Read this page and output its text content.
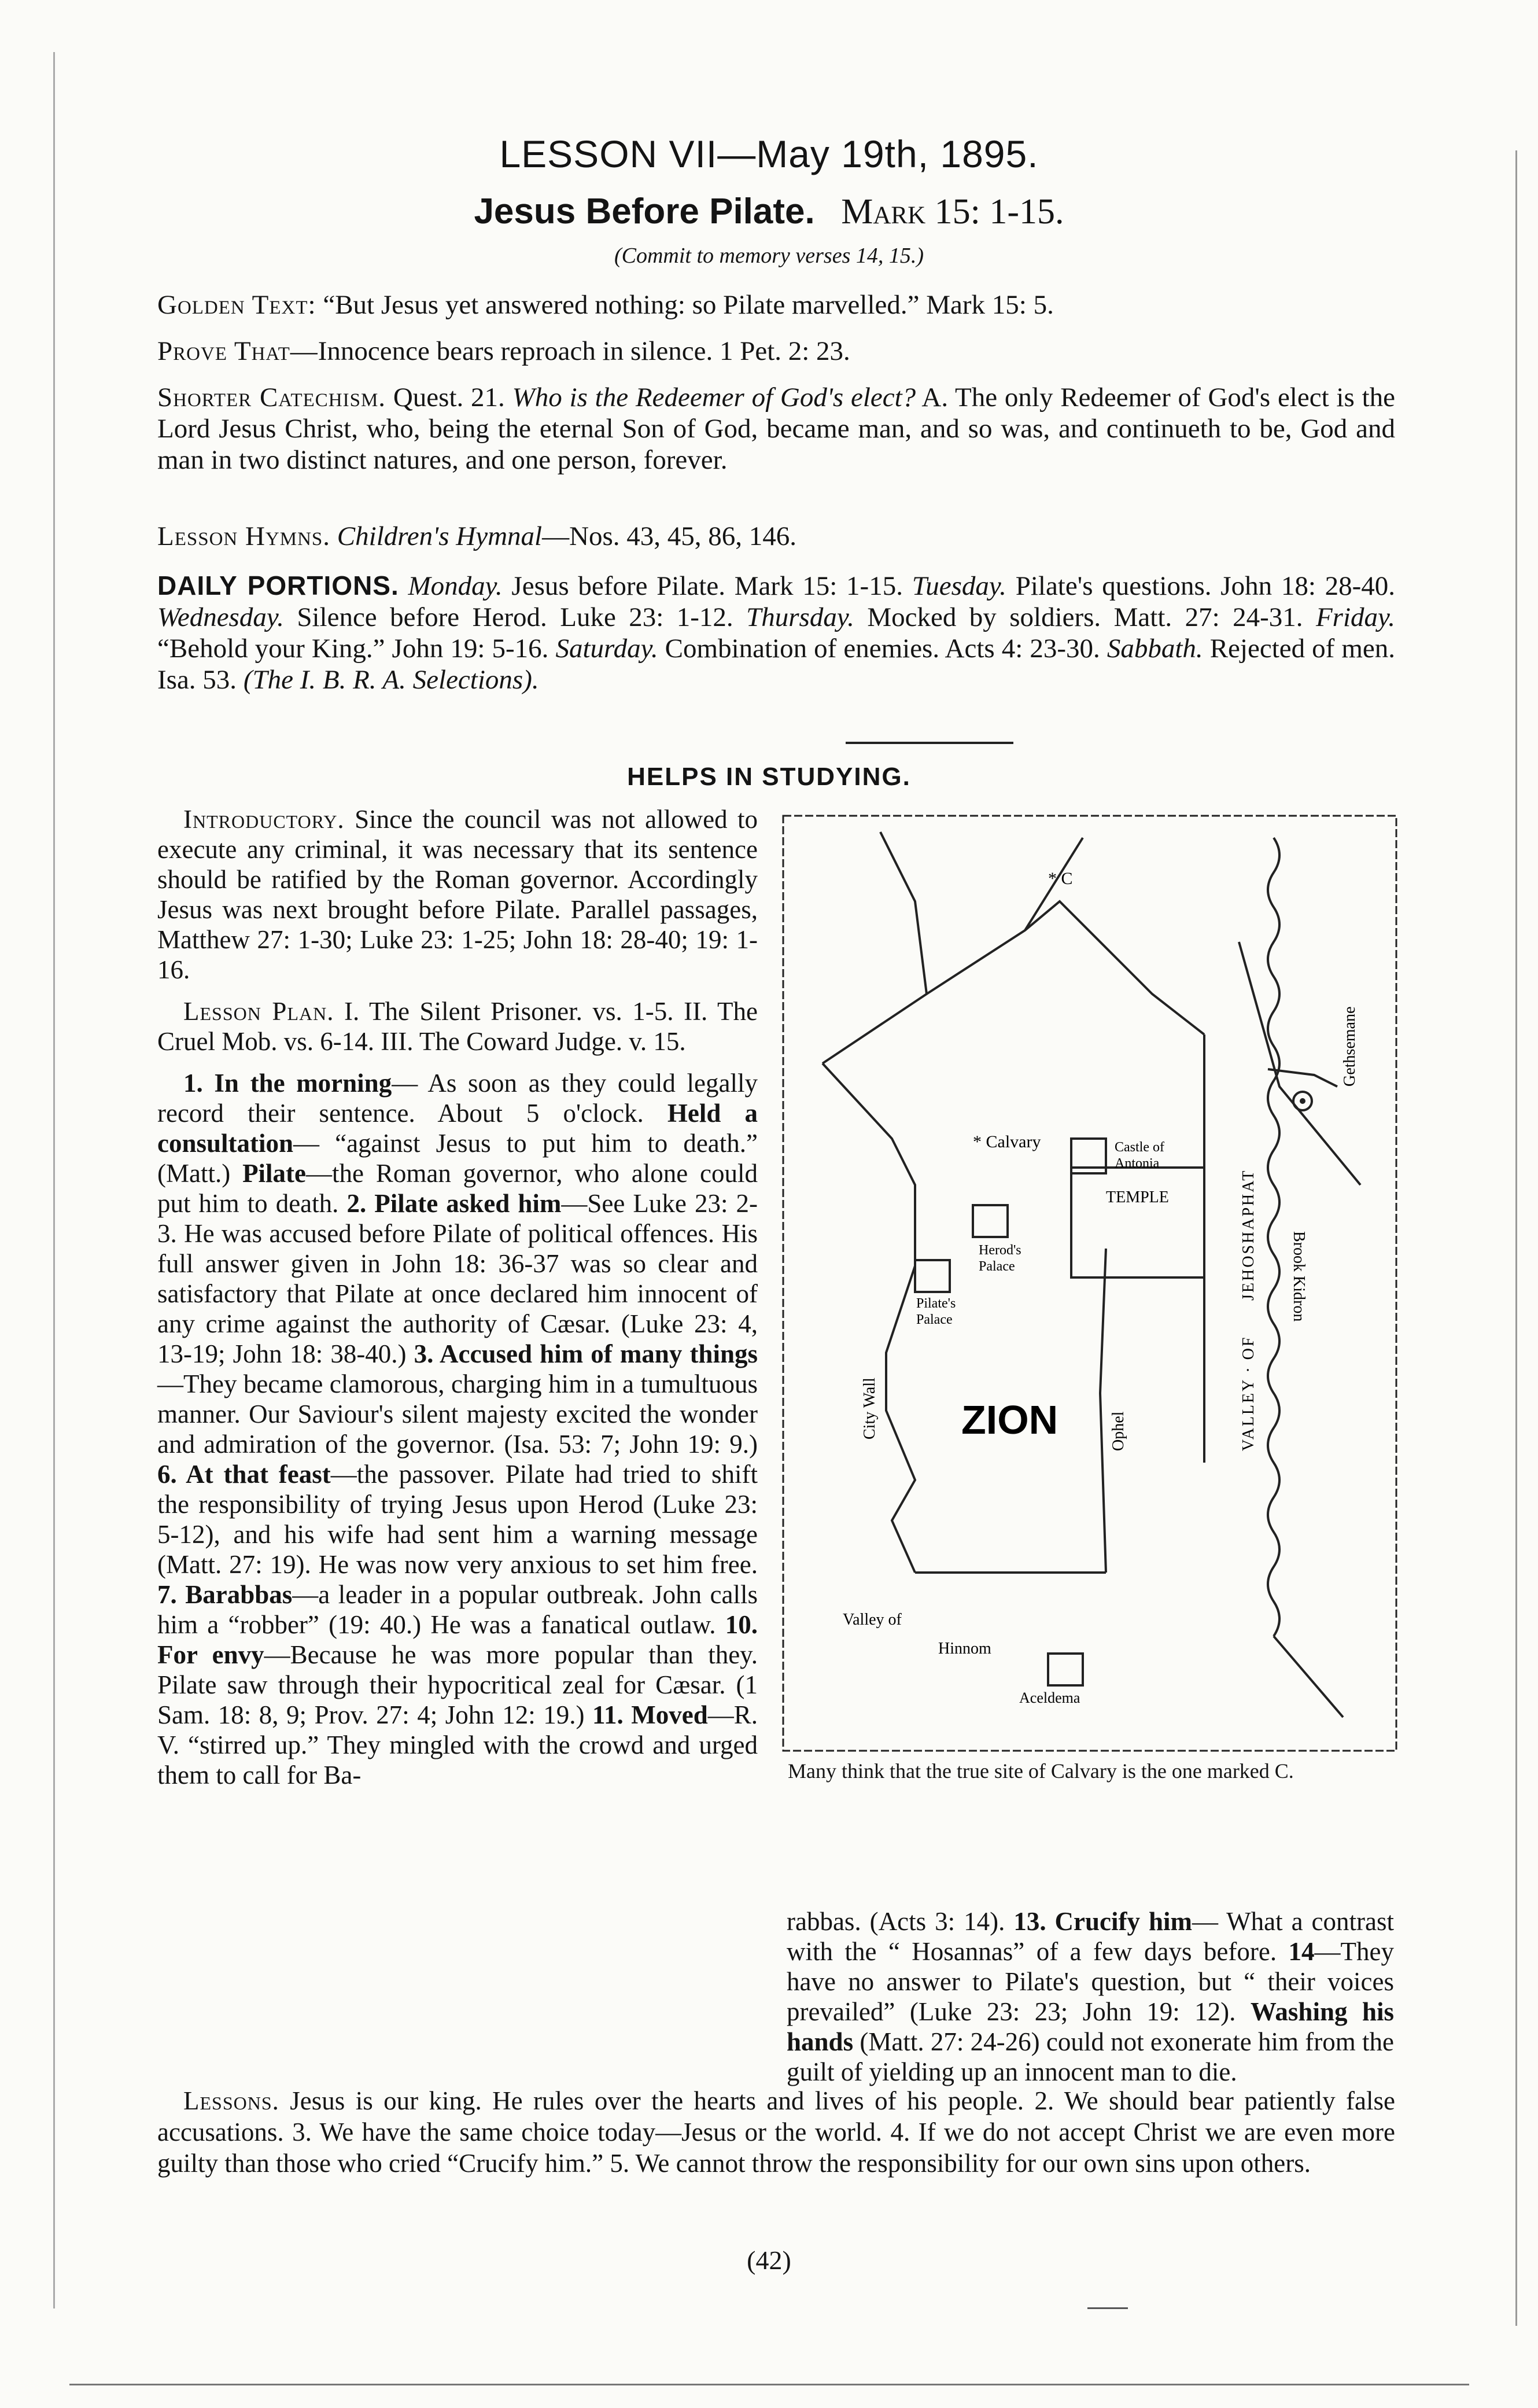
LESSON VII—May 19th, 1895.
Jesus Before Pilate. Mark 15: 1-15.
(Commit to memory verses 14, 15.)
Golden Text: “But Jesus yet answered nothing: so Pilate marvelled.” Mark 15: 5.
Prove That—Innocence bears reproach in silence. 1 Pet. 2: 23.
Shorter Catechism. Quest. 21. Who is the Redeemer of God's elect? A. The only Redeemer of God's elect is the Lord Jesus Christ, who, being the eternal Son of God, became man, and so was, and continueth to be, God and man in two distinct natures, and one person, forever.
Lesson Hymns. Children's Hymnal—Nos. 43, 45, 86, 146.
DAILY PORTIONS. Monday. Jesus before Pilate. Mark 15: 1-15. Tuesday. Pilate's questions. John 18: 28-40. Wednesday. Silence before Herod. Luke 23: 1-12. Thursday. Mocked by soldiers. Matt. 27: 24-31. Friday. “Behold your King.” John 19: 5-16. Saturday. Combination of enemies. Acts 4: 23-30. Sabbath. Rejected of men. Isa. 53. (The I. B. R. A. Selections).
HELPS IN STUDYING.

Introductory. Since the council was not allowed to execute any criminal, it was necessary that its sentence should be ratified by the Roman governor. Accordingly Jesus was next brought before Pilate. Parallel passages, Matthew 27: 1-30; Luke 23: 1-25; John 18: 28-40; 19: 1-16.

Lesson Plan. I. The Silent Prisoner. vs. 1-5. II. The Cruel Mob. vs. 6-14. III. The Coward Judge. v. 15.

1. In the morning— As soon as they could legally record their sentence. About 5 o'clock. Held a consultation— “against Jesus to put him to death.” (Matt.) Pilate—the Roman governor, who alone could put him to death. 2. Pilate asked him—See Luke 23: 2-3. He was accused before Pilate of political offences. His full answer given in John 18: 36-37 was so clear and satisfactory that Pilate at once declared him innocent of any crime against the authority of Cæsar. (Luke 23: 4, 13-19; John 18: 38-40.) 3. Accused him of many things—They became clamorous, charging him in a tumultuous manner. Our Saviour's silent majesty excited the wonder and admiration of the governor. (Isa. 53: 7; John 19: 9.) 6. At that feast—the passover. Pilate had tried to shift the responsibility of trying Jesus upon Herod (Luke 23: 5-12), and his wife had sent him a warning message (Matt. 27: 19). He was now very anxious to set him free. 7. Barabbas—a leader in a popular outbreak. John calls him a “robber” (19: 40.) He was a fanatical outlaw. 10. For envy—Because he was more popular than they. Pilate saw through their hypocritical zeal for Cæsar. (1 Sam. 18: 8, 9; Prov. 27: 4; John 12: 19.) 11. Moved—R. V. “stirred up.” They mingled with the crowd and urged them to call for Ba-

* C
Gethsemane
JEHOSHAPHAT
VALLEY · OF
Brook Kidron
* Calvary	Castle of
Antonia
TEMPLE
Herod's
Palace
Pilate's
Palace
City Wall ZION	Ophel
Valley of
Hinnom
Aceldema
Many think that the true site of Calvary is the one marked C.

rabbas. (Acts 3: 14). 13. Crucify him— What a contrast with the “ Hosannas” of a few days before. 14—They have no answer to Pilate's question, but “ their voices prevailed” (Luke 23: 23; John 19: 12). Washing his hands (Matt. 27: 24-26) could not exonerate him from the guilt of yielding up an innocent man to die.

Lessons. Jesus is our king. He rules over the hearts and lives of his people. 2. We should bear patiently false accusations. 3. We have the same choice today—Jesus or the world. 4. If we do not accept Christ we are even more guilty than those who cried “Crucify him.” 5. We cannot throw the responsibility for our own sins upon others.
(42)
